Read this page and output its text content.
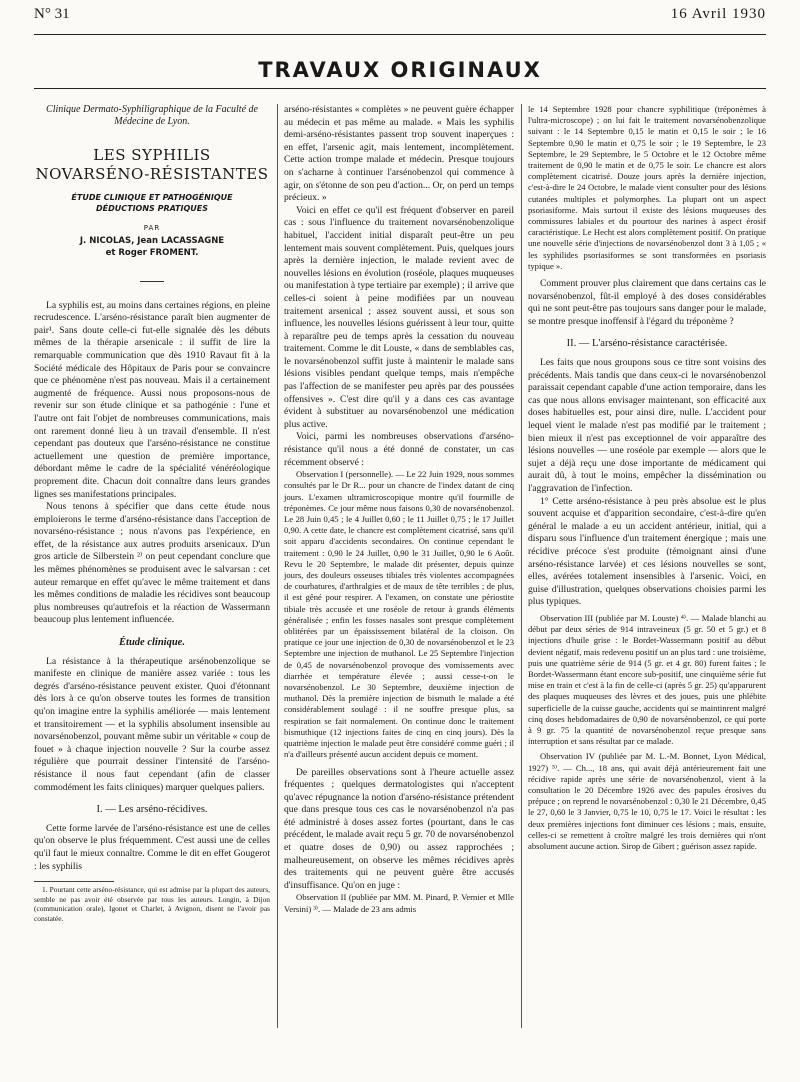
N° 31	16 Avril 1930
TRAVAUX ORIGINAUX
Clinique Dermato-Syphiligraphique de la Faculté de Médecine de Lyon.
LES SYPHILIS
NOVARSÉNO-RÉSISTANTES
ÉTUDE CLINIQUE ET PATHOGÉNIQUE
DÉDUCTIONS PRATIQUES
PAR
J. NICOLAS, Jean LACASSAGNE
et Roger FROMENT.

La syphilis est, au moins dans certaines régions, en pleine recrudescence. L'arséno-résistance paraît bien augmenter de pair¹. Sans doute celle-ci fut-elle signalée dès les débuts mêmes de la thérapie arsenicale : il suffit de lire la remarquable communication que dès 1910 Ravaut fit à la Société médicale des Hôpitaux de Paris pour se convaincre que ce phénomène n'est pas nouveau. Mais il a certainement augmenté de fréquence. Aussi nous proposons-nous de revenir sur son étude clinique et sa pathogénie : l'une et l'autre ont fait l'objet de nombreuses communications, mais ont rarement donné lieu à un travail d'ensemble. Il n'est cependant pas douteux que l'arséno-résistance ne constitue actuellement une question de première importance, débordant même le cadre de la spécialité vénéréologique proprement dite. Chacun doit connaître dans leurs grandes lignes ses manifestations principales.

Nous tenons à spécifier que dans cette étude nous emploierons le terme d'arséno-résistance dans l'acception de novarséno-résistance ; nous n'avons pas l'expérience, en effet, de la résistance aux autres produits arsenicaux. D'un gros article de Silberstein ²⁾ on peut cependant conclure que les mêmes phénomènes se produisent avec le salvarsan : cet auteur remarque en effet qu'avec le même traitement et dans les mêmes conditions de maladie les récidives sont beaucoup plus nombreuses qu'autrefois et la réaction de Wassermann beaucoup plus lentement influencée.

Étude clinique.

La résistance à la thérapeutique arsénobenzolique se manifeste en clinique de manière assez variée : tous les degrés d'arséno-résistance peuvent exister. Quoi d'étonnant dès lors à ce qu'on observe toutes les formes de transition qu'on imagine entre la syphilis améliorée — mais lentement et transitoirement — et la syphilis absolument insensible au novarsénobenzol, pouvant même subir un véritable « coup de fouet » à chaque injection nouvelle ? Sur la courbe assez régulière que pourrait dessiner l'intensité de l'arséno-résistance il nous faut cependant (afin de classer commodément les faits cliniques) marquer quelques paliers.

I. — Les arséno-récidives.

Cette forme larvée de l'arséno-résistance est une de celles qu'on observe le plus fréquemment. C'est aussi une de celles qu'il faut le mieux connaître. Comme le dit en effet Gougerot : les syphilis

1. Pourtant cette arséno-résistance, qui est admise par la plupart des auteurs, semble ne pas avoir été observée par tous les auteurs. Longin, à Dijon (communication orale), Igonet et Charlet, à Avignon, disent ne l'avoir pas constatée.

arséno-résistantes « complètes » ne peuvent guère échapper au médecin et pas même au malade. « Mais les syphilis demi-arséno-résistantes passent trop souvent inaperçues : en effet, l'arsenic agit, mais lentement, incomplètement. Cette action trompe malade et médecin. Presque toujours on s'acharne à continuer l'arsénobenzol qui commence à agir, on s'étonne de son peu d'action... Or, on perd un temps précieux. »

Voici en effet ce qu'il est fréquent d'observer en pareil cas : sous l'influence du traitement novarsénobenzolique habituel, l'accident initial disparaît peut-être un peu lentement mais souvent complètement. Puis, quelques jours après la dernière injection, le malade revient avec de nouvelles lésions en évolution (roséole, plaques muqueuses ou manifestation à type tertiaire par exemple) ; il arrive que celles-ci soient à peine modifiées par un nouveau traitement arsenical ; assez souvent aussi, et sous son influence, les nouvelles lésions guérissent à leur tour, quitte à reparaître peu de temps après la cessation du nouveau traitement. Comme le dit Louste, « dans de semblables cas, le novarsénobenzol suffit juste à maintenir le malade sans lésions visibles pendant quelque temps, mais n'empêche pas l'affection de se manifester peu après par des poussées offensives ». C'est dire qu'il y a dans ces cas avantage évident à substituer au novarsénobenzol une médication plus active.

Voici, parmi les nombreuses observations d'arséno-résistance qu'il nous a été donné de constater, un cas récemment observé :

Observation I (personnelle). — Le 22 Juin 1929, nous sommes consultés par le Dr R... pour un chancre de l'index datant de cinq jours. L'examen ultramicroscopique montre qu'il fourmille de tréponèmes. Ce jour même nous faisons 0,30 de novarsénobenzol. Le 28 Juin 0,45 ; le 4 Juillet 0,60 ; le 11 Juillet 0,75 ; le 17 Juillet 0,90. A cette date, le chancre est complètement cicatrisé, sans qu'il soit apparu d'accidents secondaires. On continue cependant le traitement : 0,90 le 24 Juillet, 0,90 le 31 Juillet, 0,90 le 6 Août. Revu le 20 Septembre, le malade dit présenter, depuis quinze jours, des douleurs osseuses tibiales très violentes accompagnées de courbatures, d'arthralgies et de maux de tête terribles ; de plus, il est gêné pour respirer. A l'examen, on constate une périostite tibiale très accusée et une roséole de retour à grands éléments généralisée ; enfin les fosses nasales sont presque complètement oblitérées par un épaississement bilatéral de la cloison. On pratique ce jour une injection de 0,30 de novarsénobenzol et le 23 Septembre une injection de muthanol. Le 25 Septembre l'injection de 0,45 de novarsénobenzol provoque des vomissements avec diarrhée et température élevée ; aussi cesse-t-on le novarsénobenzol. Le 30 Septembre, deuxième injection de muthanol. Dès la première injection de bismuth le malade a été considérablement soulagé : il ne souffre presque plus, sa respiration se fait normalement. On continue donc le traitement bismuthique (12 injections faites de cinq en cinq jours). Dès la quatrième injection le malade peut être considéré comme guéri ; il n'a d'ailleurs présenté aucun accident depuis ce moment.

De pareilles observations sont à l'heure actuelle assez fréquentes ; quelques dermatologistes qui n'acceptent qu'avec répugnance la notion d'arséno-résistance prétendent que dans presque tous ces cas le novarsénobenzol n'a pas été administré à doses assez fortes (pourtant, dans le cas précédent, le malade avait reçu 5 gr. 70 de novarsénobenzol et quatre doses de 0,90) ou assez rapprochées ; malheureusement, on observe les mêmes récidives après des traitements qui ne peuvent guère être accusés d'insuffisance. Qu'on en juge :

Observation II (publiée par MM. M. Pinard, P. Vernier et Mlle Versini) ³⁾. — Malade de 23 ans admis

le 14 Septembre 1928 pour chancre syphilitique (tréponèmes à l'ultra-microscope) ; on lui fait le traitement novarsénobenzolique suivant : le 14 Septembre 0,15 le matin et 0,15 le soir ; le 16 Septembre 0,90 le matin et 0,75 le soir ; le 19 Septembre, le 23 Septembre, le 29 Septembre, le 5 Octobre et le 12 Octobre même traitement de 0,90 le matin et de 0,75 le soir. Le chancre est alors complètement cicatrisé. Douze jours après la dernière injection, c'est-à-dire le 24 Octobre, le malade vient consulter pour des lésions cutanées multiples et polymorphes. La plupart ont un aspect psoriasiforme. Mais surtout il existe des lésions muqueuses des commissures labiales et du pourtour des narines à aspect érosif caractéristique. Le Hecht est alors complètement positif. On pratique une nouvelle série d'injections de novarsénobenzol dont 3 à 1,05 ; « les syphilides psoriasiformes se sont transformées en psoriasis typique ».

Comment prouver plus clairement que dans certains cas le novarsénobenzol, fût-il employé à des doses considérables qui ne sont peut-être pas toujours sans danger pour le malade, se montre presque inoffensif à l'égard du tréponème ?

II. — L'arséno-résistance caractérisée.

Les faits que nous groupons sous ce titre sont voisins des précédents. Mais tandis que dans ceux-ci le novarsénobenzol paraissait cependant capable d'une action temporaire, dans les cas que nous allons envisager maintenant, son efficacité aux doses habituelles est, pour ainsi dire, nulle. L'accident pour lequel vient le malade n'est pas modifié par le traitement ; bien mieux il n'est pas exceptionnel de voir apparaître des lésions nouvelles — une roséole par exemple — alors que le sujet a déjà reçu une dose importante de médicament qui aurait dû, à tout le moins, empêcher la dissémination ou l'aggravation de l'infection.

1° Cette arséno-résistance à peu près absolue est le plus souvent acquise et d'apparition secondaire, c'est-à-dire qu'en général le malade a eu un accident antérieur, initial, qui a disparu sous l'influence d'un traitement énergique ; mais une récidive précoce s'est produite (témoignant ainsi d'une arséno-résistance larvée) et ces lésions nouvelles se sont, elles, avérées totalement insensibles à l'arsenic. Voici, en guise d'illustration, quelques observations choisies parmi les plus typiques.

Observation III (publiée par M. Louste) ⁴⁾. — Malade blanchi au début par deux séries de 914 intraveineux (5 gr. 50 et 5 gr.) et 8 injections d'huile grise : le Bordet-Wassermann positif au début devient négatif, mais redevenu positif un an plus tard : une troisième, puis une quatrième série de 914 (5 gr. et 4 gr. 80) furent faites ; le Bordet-Wassermann étant encore sub-positif, une cinquième série fut mise en train et c'est à la fin de celle-ci (après 5 gr. 25) qu'apparurent des plaques muqueuses des lèvres et des joues, puis une phlébite superficielle de la cuisse gauche, accidents qui se maintinrent malgré cinq doses hebdomadaires de 0,90 de novarsénobenzol, ce qui porte à 9 gr. 75 la quantité de novarsénobenzol reçue presque sans interruption et sans résultat par ce malade.

Observation IV (publiée par M. L.-M. Bonnet, Lyon Médical, 1927) ⁵⁾. — Ch..., 18 ans, qui avait déjà antérieurement fait une récidive rapide après une série de novarsénobenzol, vient à la consultation le 20 Décembre 1926 avec des papules érosives du prépuce ; on reprend le novarsénobenzol : 0,30 le 21 Décembre, 0,45 le 27, 0,60 le 3 Janvier, 0,75 le 10, 0,75 le 17. Voici le résultat : les deux premières injections font diminuer ces lésions ; mais, ensuite, celles-ci se remettent à croître malgré les trois dernières qui n'ont absolument aucune action. Sirop de Gibert ; guérison assez rapide.
